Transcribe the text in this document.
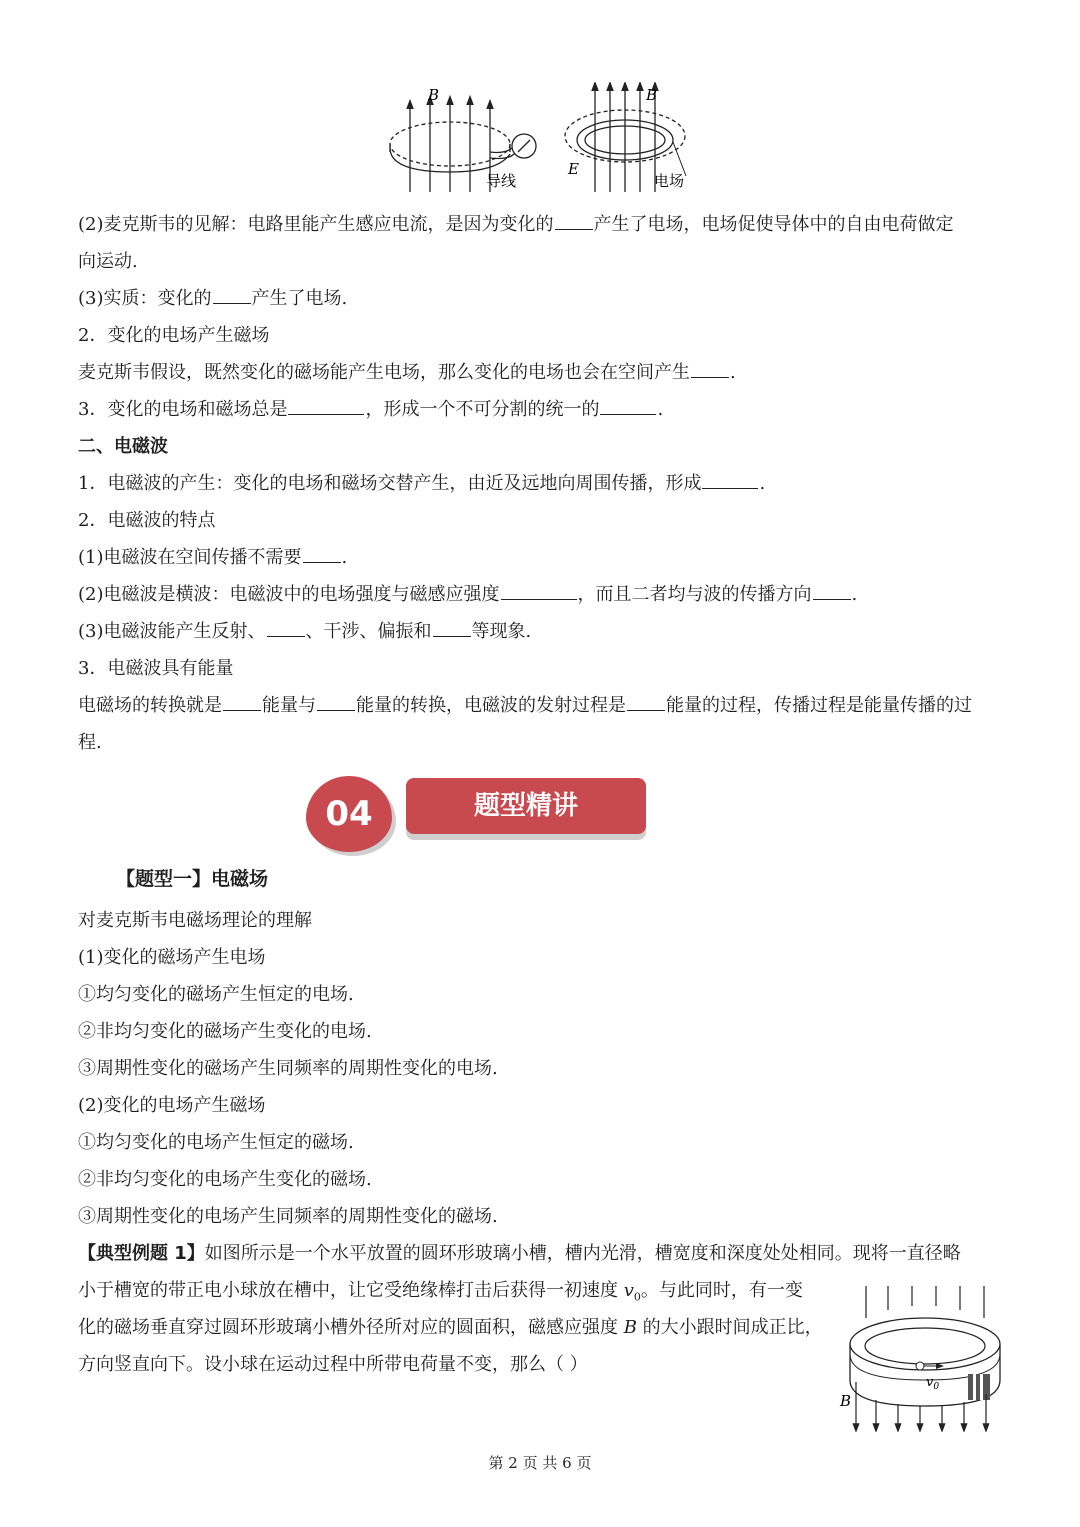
B
导线
B
E
电场
(2)麦克斯韦的见解：电路里能产生感应电流，是因为变化的 产生了电场，电场促使导体中的自由电荷做定
向运动.
(3)实质：变化的 产生了电场.
2．变化的电场产生磁场
麦克斯韦假设，既然变化的磁场能产生电场，那么变化的电场也会在空间产生 .
3．变化的电场和磁场总是	，形成一个不可分割的统一的	.
二、电磁波
1．电磁波的产生：变化的电场和磁场交替产生，由近及远地向周围传播，形成	.
2．电磁波的特点
(1)电磁波在空间传播不需要 .
(2)电磁波是横波：电磁波中的电场强度与磁感应强度	，而且二者均与波的传播方向 .
(3)电磁波能产生反射、 、干涉、偏振和 等现象.
3．电磁波具有能量
电磁场的转换就是 能量与 能量的转换，电磁波的发射过程是 能量的过程，传播过程是能量传播的过
程.
04	题型精讲
【题型一】电磁场
对麦克斯韦电磁场理论的理解
(1)变化的磁场产生电场
①均匀变化的磁场产生恒定的电场.
②非均匀变化的磁场产生变化的电场.
③周期性变化的磁场产生同频率的周期性变化的电场.
(2)变化的电场产生磁场
①均匀变化的电场产生恒定的磁场.
②非均匀变化的电场产生变化的磁场.
③周期性变化的电场产生同频率的周期性变化的磁场.
【典型例题 1】如图所示是一个水平放置的圆环形玻璃小槽，槽内光滑，槽宽度和深度处处相同。现将一直径略
小于槽宽的带正电小球放在槽中，让它受绝缘棒打击后获得一初速度 $v_0$。与此同时，有一变
化的磁场垂直穿过圆环形玻璃小槽外径所对应的圆面积，磁感应强度 B 的大小跟时间成正比，
方向竖直向下。设小球在运动过程中所带电荷量不变，那么（ ）
$v_0$
B
第 2 页 共 6 页
